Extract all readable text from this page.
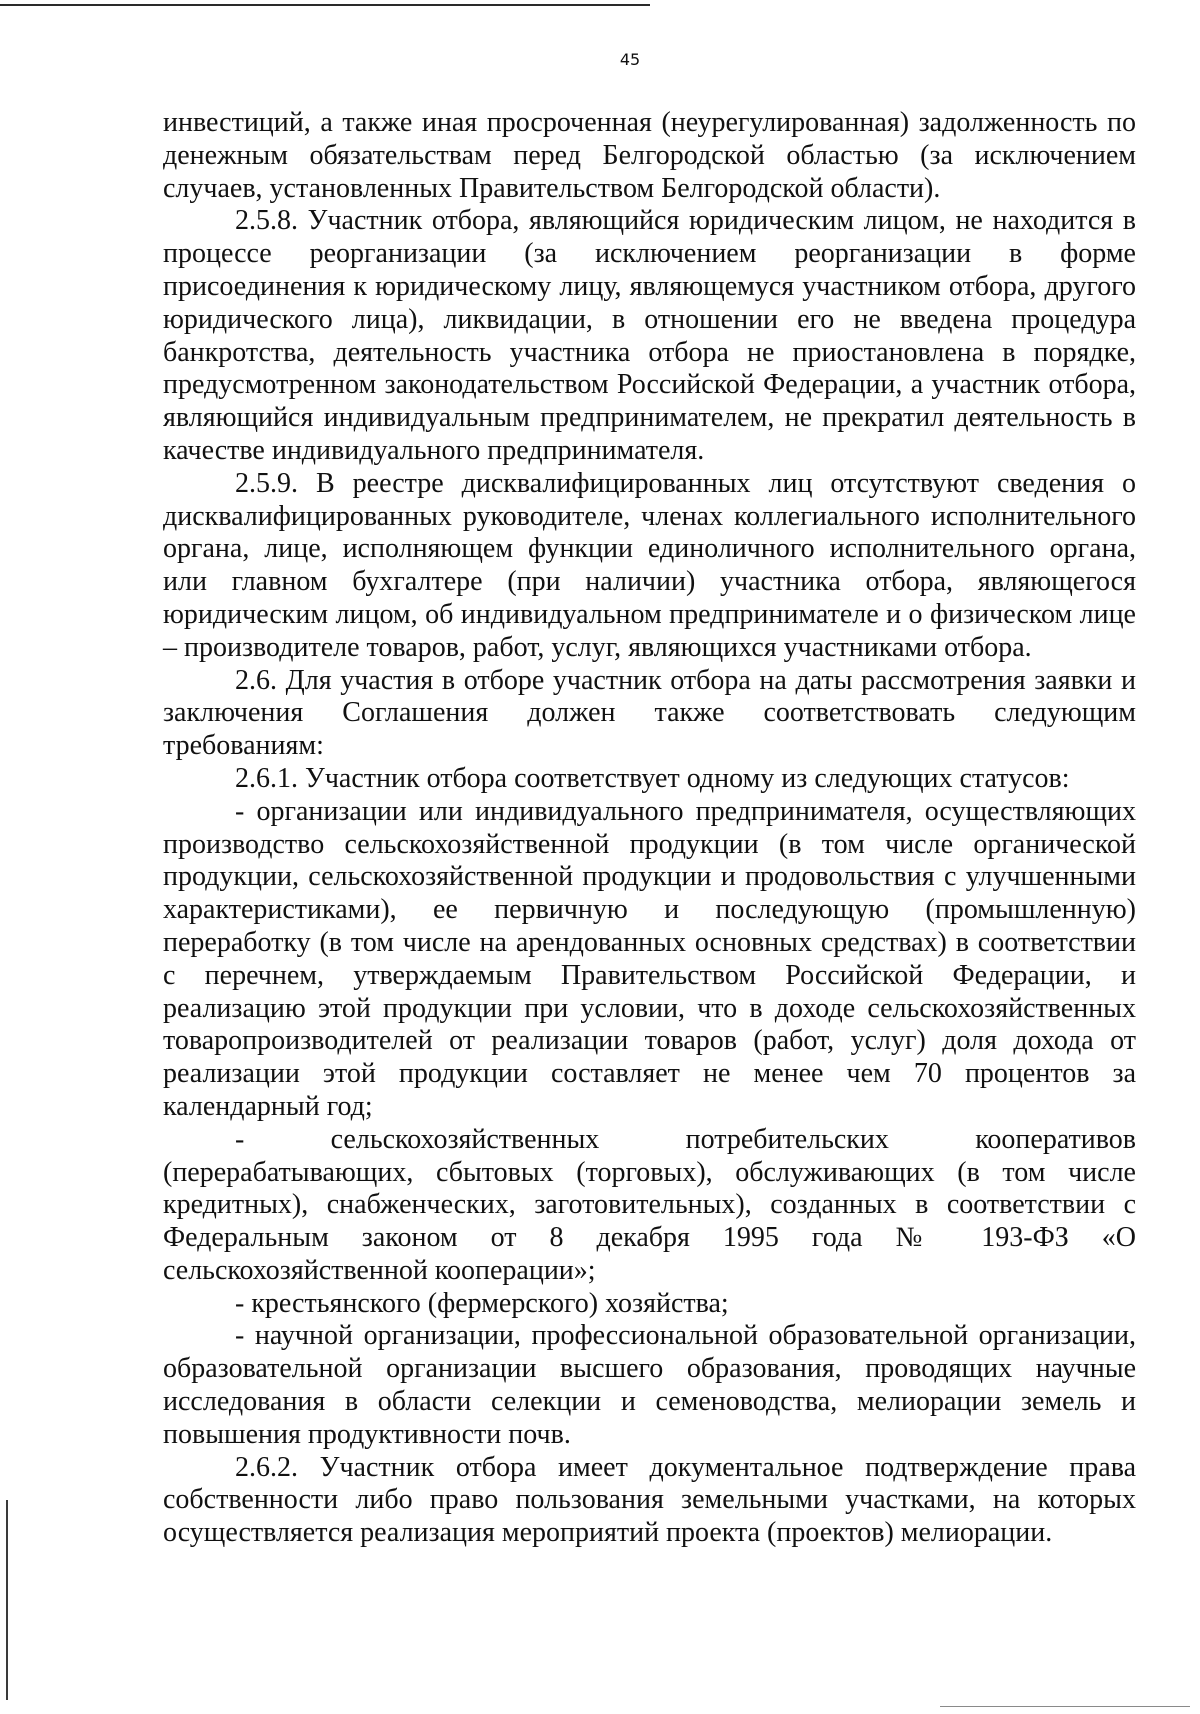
45

инвестиций, а также иная просроченная (неурегулированная) задолженность по денежным обязательствам перед Белгородской областью (за исключением случаев, установленных Правительством Белгородской области).

2.5.8. Участник отбора, являющийся юридическим лицом, не находится в процессе реорганизации (за исключением реорганизации в форме присоединения к юридическому лицу, являющемуся участником отбора, другого юридического лица), ликвидации, в отношении его не введена процедура банкротства, деятельность участника отбора не приостановлена в порядке, предусмотренном законодательством Российской Федерации, а участник отбора, являющийся индивидуальным предпринимателем, не прекратил деятельность в качестве индивидуального предпринимателя.

2.5.9. В реестре дисквалифицированных лиц отсутствуют сведения о дисквалифицированных руководителе, членах коллегиального исполнительного органа, лице, исполняющем функции единоличного исполнительного органа, или главном бухгалтере (при наличии) участника отбора, являющегося юридическим лицом, об индивидуальном предпринимателе и о физическом лице – производителе товаров, работ, услуг, являющихся участниками отбора.

2.6. Для участия в отборе участник отбора на даты рассмотрения заявки и заключения Соглашения должен также соответствовать следующим требованиям:

2.6.1. Участник отбора соответствует одному из следующих статусов:

- организации или индивидуального предпринимателя, осуществляющих производство сельскохозяйственной продукции (в том числе органической продукции, сельскохозяйственной продукции и продовольствия с улучшенными характеристиками), ее первичную и последующую (промышленную) переработку (в том числе на арендованных основных средствах) в соответствии с перечнем, утверждаемым Правительством Российской Федерации, и реализацию этой продукции при условии, что в доходе сельскохозяйственных товаропроизводителей от реализации товаров (работ, услуг) доля дохода от реализации этой продукции составляет не менее чем 70 процентов за календарный год;

- сельскохозяйственных потребительских кооперативов (перерабатывающих, сбытовых (торговых), обслуживающих (в том числе кредитных), снабженческих, заготовительных), созданных в соответствии с Федеральным законом от 8 декабря 1995 года № 193-ФЗ «О сельскохозяйственной кооперации»;

- крестьянского (фермерского) хозяйства;

- научной организации, профессиональной образовательной организации, образовательной организации высшего образования, проводящих научные исследования в области селекции и семеноводства, мелиорации земель и повышения продуктивности почв.

2.6.2. Участник отбора имеет документальное подтверждение права собственности либо право пользования земельными участками, на которых осуществляется реализация мероприятий проекта (проектов) мелиорации.
